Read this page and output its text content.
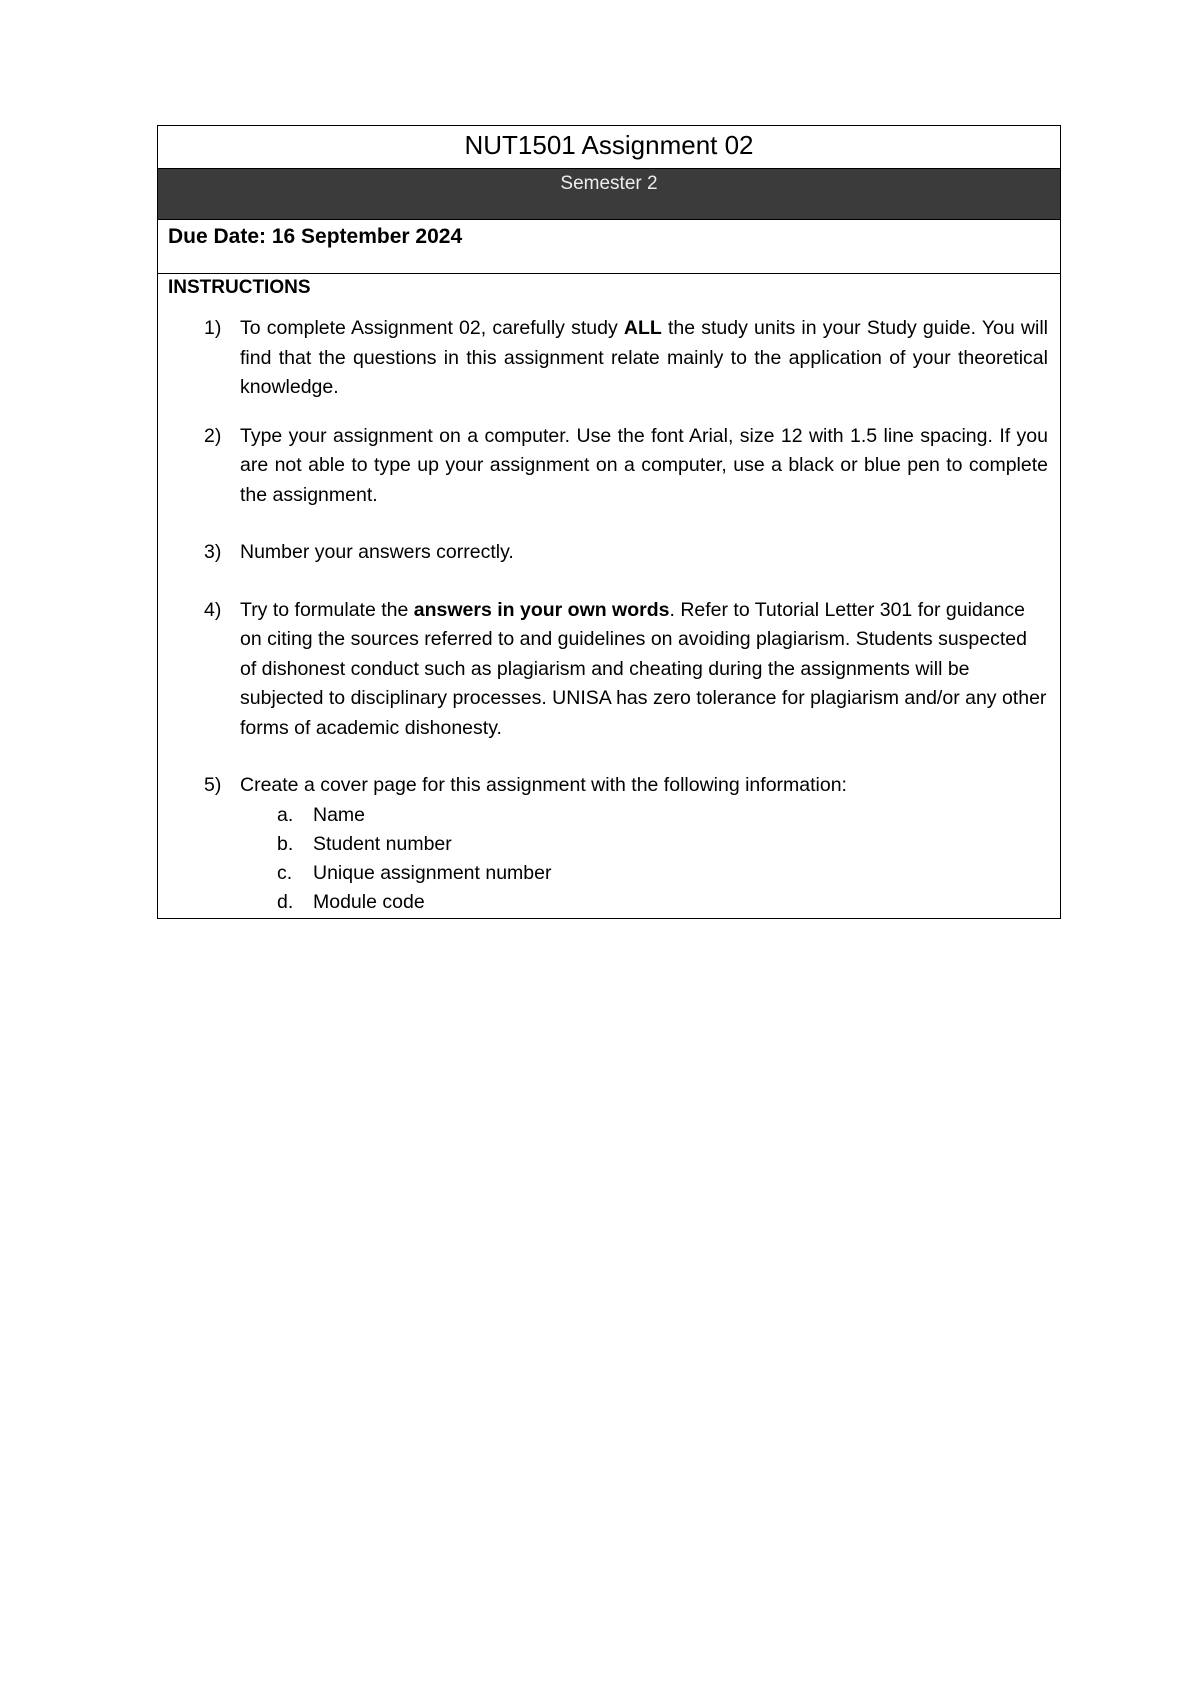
NUT1501 Assignment 02
Semester 2
Due Date: 16 September 2024
INSTRUCTIONS
1) To complete Assignment 02, carefully study ALL the study units in your Study guide. You will find that the questions in this assignment relate mainly to the application of your theoretical knowledge.
2) Type your assignment on a computer. Use the font Arial, size 12 with 1.5 line spacing. If you are not able to type up your assignment on a computer, use a black or blue pen to complete the assignment.
3) Number your answers correctly.
4) Try to formulate the answers in your own words. Refer to Tutorial Letter 301 for guidance on citing the sources referred to and guidelines on avoiding plagiarism. Students suspected of dishonest conduct such as plagiarism and cheating during the assignments will be subjected to disciplinary processes. UNISA has zero tolerance for plagiarism and/or any other forms of academic dishonesty.
5) Create a cover page for this assignment with the following information:
a. Name
b. Student number
c. Unique assignment number
d. Module code
